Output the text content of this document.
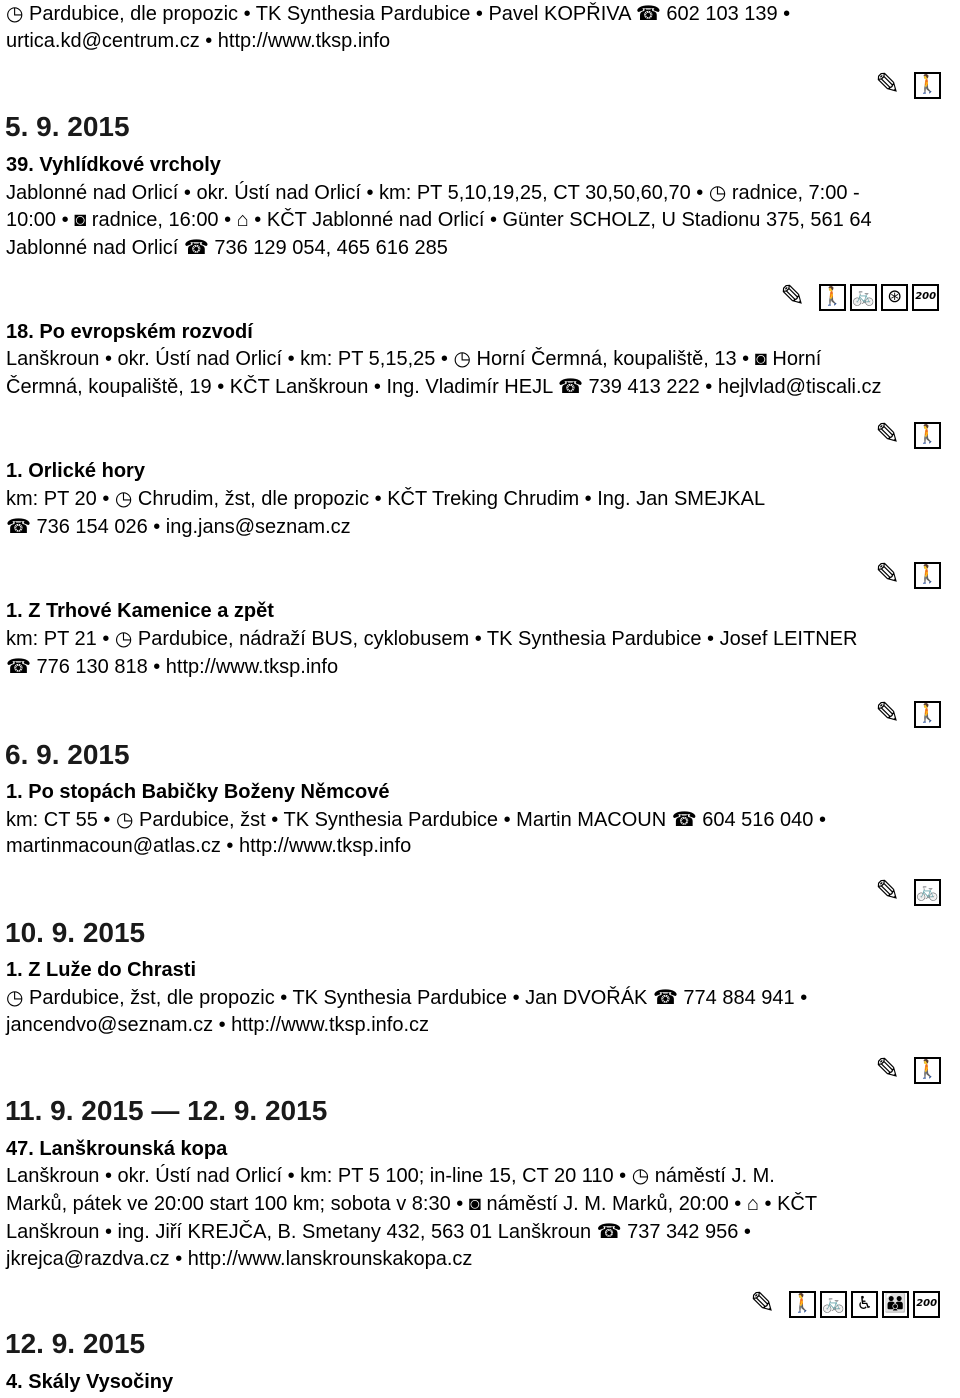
◷ Pardubice, dle propozic • TK Synthesia Pardubice • Pavel KOPŘIVA ☎ 602 103 139 •
urtica.kd@centrum.cz • http://www.tksp.info
✎ 🚶
5. 9. 2015
39. Vyhlídkové vrcholy
Jablonné nad Orlicí • okr. Ústí nad Orlicí • km: PT 5,10,19,25, CT 30,50,60,70 • ◷ radnice, 7:00 -
10:00 • ◙ radnice, 16:00 • ⌂ • KČT Jablonné nad Orlicí • Günter SCHOLZ, U Stadionu 375, 561 64
Jablonné nad Orlicí ☎ 736 129 054, 465 616 285
✎ 🚶 🚲 ⊛	200
18. Po evropském rozvodí
Lanškroun • okr. Ústí nad Orlicí • km: PT 5,15,25 • ◷ Horní Čermná, koupaliště, 13 • ◙ Horní
Čermná, koupaliště, 19 • KČT Lanškroun • Ing. Vladimír HEJL ☎ 739 413 222 • hejlvlad@tiscali.cz
✎ 🚶
1. Orlické hory
km: PT 20 • ◷ Chrudim, žst, dle propozic • KČT Treking Chrudim • Ing. Jan SMEJKAL
☎ 736 154 026 • ing.jans@seznam.cz
✎ 🚶
1. Z Trhové Kamenice a zpět
km: PT 21 • ◷ Pardubice, nádraží BUS, cyklobusem • TK Synthesia Pardubice • Josef LEITNER
☎ 776 130 818 • http://www.tksp.info
✎ 🚶
6. 9. 2015
1. Po stopách Babičky Boženy Němcové
km: CT 55 • ◷ Pardubice, žst • TK Synthesia Pardubice • Martin MACOUN ☎ 604 516 040 •
martinmacoun@atlas.cz • http://www.tksp.info
✎ 🚲
10. 9. 2015
1. Z Luže do Chrasti
◷ Pardubice, žst, dle propozic • TK Synthesia Pardubice • Jan DVOŘÁK ☎ 774 884 941 •
jancendvo@seznam.cz • http://www.tksp.info.cz
✎ 🚶
11. 9. 2015 — 12. 9. 2015
47. Lanškrounská kopa
Lanškroun • okr. Ústí nad Orlicí • km: PT 5 100; in-line 15, CT 20 110 • ◷ náměstí J. M.
Marků, pátek ve 20:00 start 100 km; sobota v 8:30 • ◙ náměstí J. M. Marků, 20:00 • ⌂ • KČT
Lanškroun • ing. Jiří KREJČA, B. Smetany 432, 563 01 Lanškroun ☎ 737 342 956 •
jkrejca@razdva.cz • http://www.lanskrounskakopa.cz
✎ 🚶 🚲 ♿ 👪 200
12. 9. 2015
4. Skály Vysočiny
